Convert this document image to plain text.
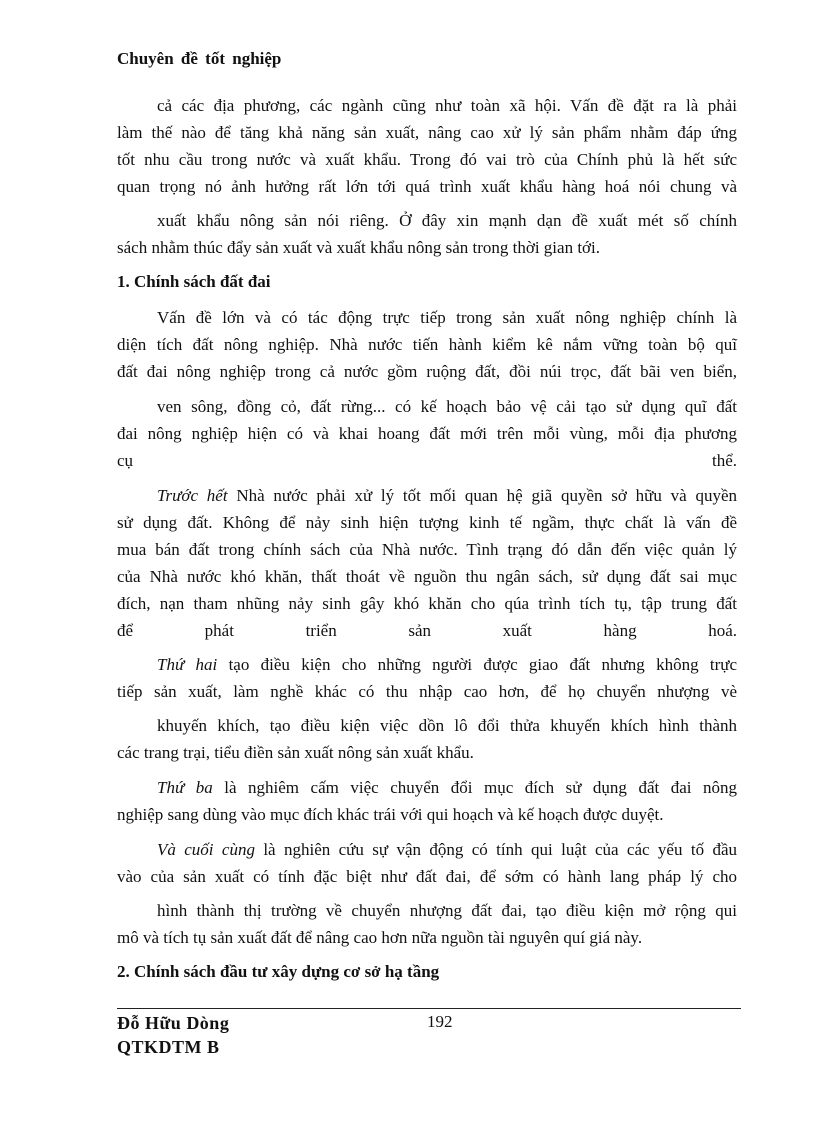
Chuyên đề tốt nghiệp
cả các địa phương, các ngành cũng như toàn xã hội. Vấn đề đặt ra là phải
làm thế nào để tăng khả năng sản xuất, nâng cao xử lý sản phẩm nhằm đáp ứng
tốt nhu cầu trong nước và xuất khẩu. Trong đó vai trò của Chính phủ là hết sức
quan trọng nó ảnh hưởng rất lớn tới quá trình xuất khẩu hàng hoá nói chung và
xuất khẩu nông sản nói riêng. Ở đây xin mạnh dạn đề xuất mét số chính
sách nhằm thúc đẩy sản xuất và xuất khẩu nông sản trong thời gian tới.
1. Chính sách đất đai
Vấn đề lớn và có tác động trực tiếp trong sản xuất nông nghiệp chính là
diện tích đất nông nghiệp. Nhà nước tiến hành kiểm kê nắm vững toàn bộ quĩ
đất đai nông nghiệp trong cả nước gồm ruộng đất, đồi núi trọc, đất bãi ven biển,
ven sông, đồng cỏ, đất rừng... có kế hoạch bảo vệ cải tạo sử dụng quĩ đất
đai nông nghiệp hiện có và khai hoang đất mới trên mỗi vùng, mỗi địa phương
cụ thể.
Trước hết Nhà nước phải xử lý tốt mối quan hệ giã quyền sở hữu và quyền
sử dụng đất. Không để nảy sinh hiện tượng kinh tế ngầm, thực chất là vấn đề
mua bán đất trong chính sách của Nhà nước. Tình trạng đó dẫn đến việc quản lý
của Nhà nước khó khăn, thất thoát về nguồn thu ngân sách, sử dụng đất sai mục
đích, nạn tham nhũng nảy sinh gây khó khăn cho qúa trình tích tụ, tập trung đất
để phát triển sản xuất hàng hoá.
Thứ hai tạo điều kiện cho những người được giao đất nhưng không trực
tiếp sản xuất, làm nghề khác có thu nhập cao hơn, để họ chuyển nhượng vè
khuyến khích, tạo điều kiện việc dồn lô đổi thửa khuyến khích hình thành
các trang trại, tiểu điền sản xuất nông sản xuất khẩu.
Thứ ba là nghiêm cấm việc chuyển đổi mục đích sử dụng đất đai nông
nghiệp sang dùng vào mục đích khác trái với qui hoạch và kế hoạch được duyệt.
Và cuối cùng là nghiên cứu sự vận động có tính qui luật của các yếu tố đầu
vào của sản xuất có tính đặc biệt như đất đai, để sớm có hành lang pháp lý cho
hình thành thị trường về chuyển nhượng đất đai, tạo điều kiện mở rộng qui
mô và tích tụ sản xuất đất để nâng cao hơn nữa nguồn tài nguyên quí giá này.
2. Chính sách đầu tư xây dựng cơ sở hạ tầng
Đỗ Hữu Dòng	192
QTKDTM B
